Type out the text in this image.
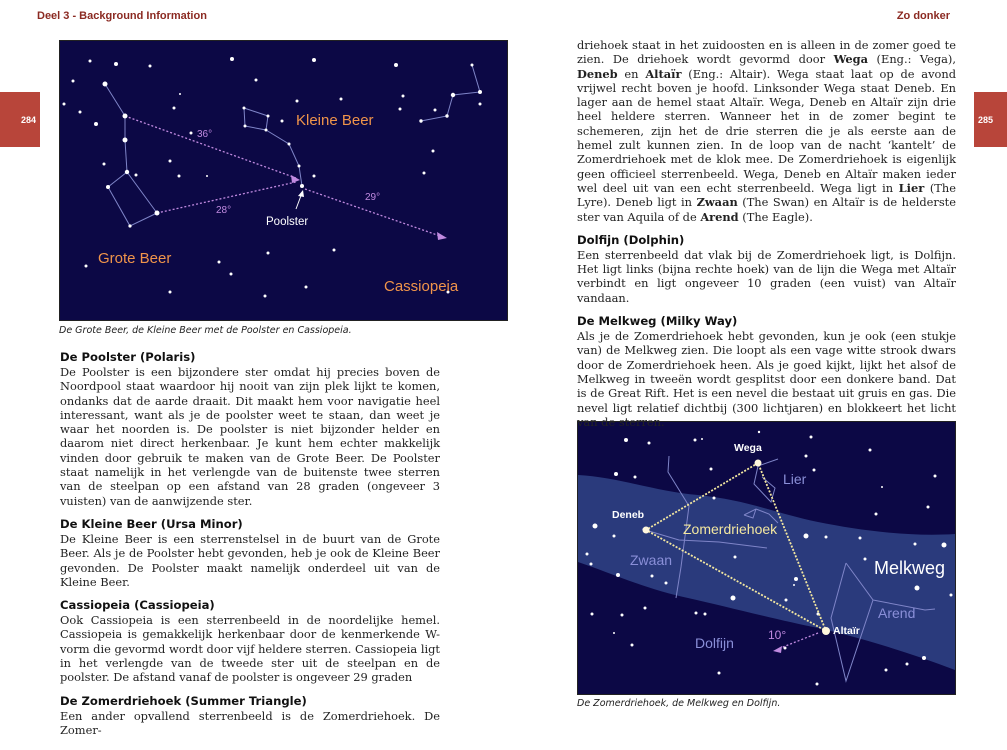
Deel 3 - Background Information	Zo donker
284	285
Kleine Beer
Grote Beer
Cassiopeia
Poolster
36°
28°
29°
De Grote Beer, de Kleine Beer met de Poolster en Cassiopeia.
Wega
Deneb
Altaïr
Lier
Zwaan
Zomerdriehoek
Melkweg
Arend
Dolfijn	10°
De Zomerdriehoek, de Melkweg en Dolfijn.
De Poolster (Polaris)

De Poolster is een bijzondere ster omdat hij precies boven de Noordpool staat waardoor hij nooit van zijn plek lijkt te komen, ondanks dat de aarde draait. Dit maakt hem voor navigatie heel interessant, want als je de poolster weet te staan, dan weet je waar het noorden is. De poolster is niet bijzonder helder en daarom niet direct herkenbaar. Je kunt hem echter makkelijk vinden door gebruik te maken van de Grote Beer. De Poolster staat namelijk in het verlengde van de buitenste twee sterren van de steelpan op een afstand van 28 graden (ongeveer 3 vuisten) van de aanwijzende ster.

De Kleine Beer (Ursa Minor)

De Kleine Beer is een sterrenstelsel in de buurt van de Grote Beer. Als je de Poolster hebt gevonden, heb je ook de Kleine Beer gevonden. De Poolster maakt namelijk onderdeel uit van de Kleine Beer.

Cassiopeia (Cassiopeia)

Ook Cassiopeia is een sterrenbeeld in de noordelijke hemel. Cassiopeia is gemakkelijk herkenbaar door de kenmerkende W-vorm die gevormd wordt door vijf heldere sterren. Cassiopeia ligt in het verlengde van de tweede ster uit de steelpan en de poolster. De afstand vanaf de poolster is ongeveer 29 graden

De Zomerdriehoek (Summer Triangle)

Een ander opvallend sterrenbeeld is de Zomerdriehoek. De Zomer-

driehoek staat in het zuidoosten en is alleen in de zomer goed te zien. De driehoek wordt gevormd door Wega (Eng.: Vega), Deneb en Altaïr (Eng.: Altair). Wega staat laat op de avond vrijwel recht boven je hoofd. Linksonder Wega staat Deneb. En lager aan de hemel staat Altaïr. Wega, Deneb en Altaïr zijn drie heel heldere sterren. Wanneer het in de zomer begint te schemeren, zijn het de drie sterren die je als eerste aan de hemel zult kunnen zien. In de loop van de nacht ‘kantelt’ de Zomerdriehoek met de klok mee. De Zomerdriehoek is eigenlijk geen officieel sterrenbeeld. Wega, Deneb en Altaïr maken ieder wel deel uit van een echt sterrenbeeld. Wega ligt in Lier (The Lyre). Deneb ligt in Zwaan (The Swan) en Altaïr is de helderste ster van Aquila of de Arend (The Eagle).

Dolfijn (Dolphin)

Een sterrenbeeld dat vlak bij de Zomerdriehoek ligt, is Dolfijn. Het ligt links (bijna rechte hoek) van de lijn die Wega met Altaïr verbindt en ligt ongeveer 10 graden (een vuist) van Altaïr vandaan.

De Melkweg (Milky Way)

Als je de Zomerdriehoek hebt gevonden, kun je ook (een stukje van) de Melkweg zien. Die loopt als een vage witte strook dwars door de Zomerdriehoek heen. Als je goed kijkt, lijkt het alsof de Melkweg in tweeën wordt gesplitst door een donkere band. Dat is de Great Rift. Het is een nevel die bestaat uit gruis en gas. Die nevel ligt relatief dichtbij (300 lichtjaren) en blokkeert het licht van de sterren.
